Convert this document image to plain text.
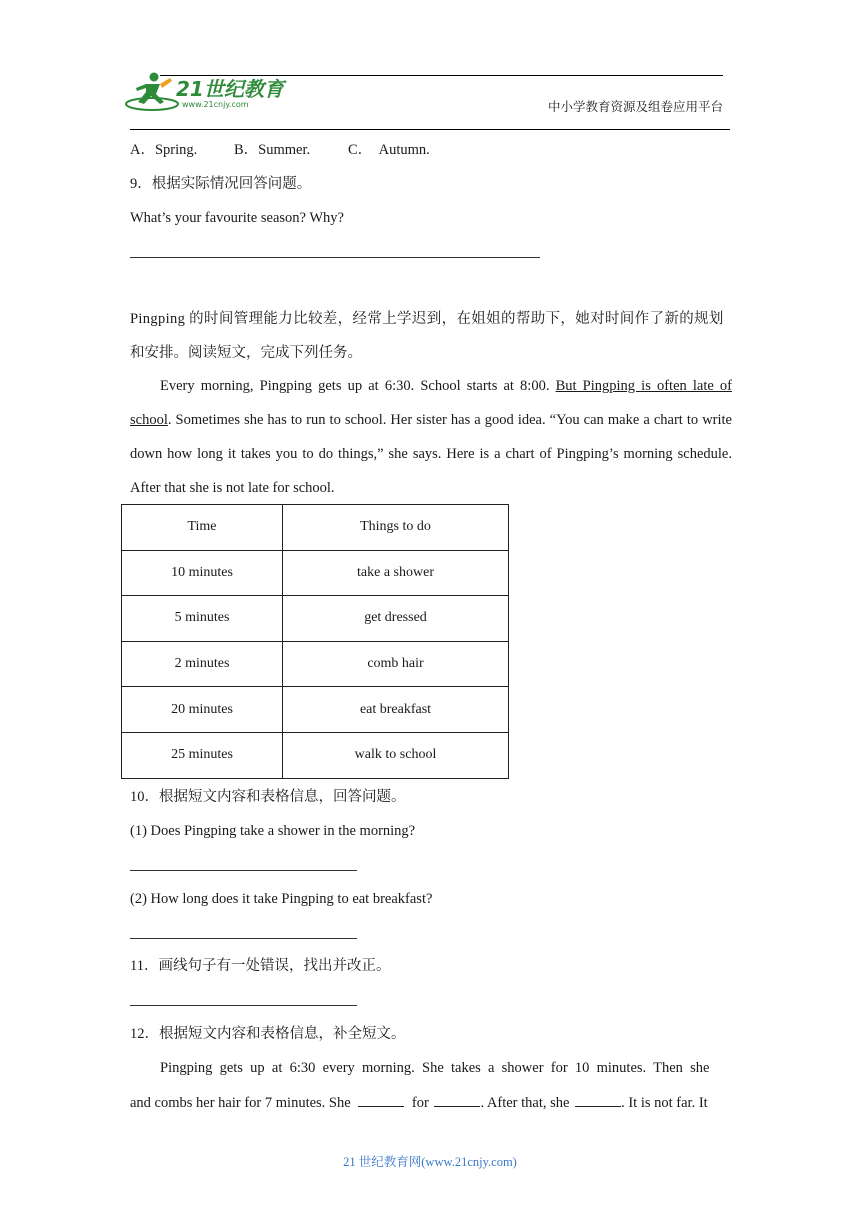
21世纪教育
www.21cnjy.com	中小学教育资源及组卷应用平台
A．Spring.	B．Summer.	C．  Autumn.
9．根据实际情况回答问题。
What’s your favourite season? Why?
Pingping 的时间管理能力比较差，经常上学迟到，在姐姐的帮助下，她对时间作了新的规划
和安排。阅读短文，完成下列任务。
Every morning, Pingping gets up at 6:30. School starts at 8:00. But Pingping is often late of school. Sometimes she has to run to school. Her sister has a good idea. “You can make a chart to write down how long it takes you to do things,” she says. Here is a chart of Pingping’s morning schedule. After that she is not late for school.
Time	Things to do
10 minutes	take a shower
5 minutes	get dressed
2 minutes	comb hair
20 minutes	eat breakfast
25 minutes	walk to school
10．根据短文内容和表格信息，回答问题。
(1) Does Pingping take a shower in the morning?
(2) How long does it take Pingping to eat breakfast?
11．画线句子有一处错误，找出并改正。
12．根据短文内容和表格信息，补全短文。
Pingping gets up at 6:30 every morning. She takes a shower for 10 minutes. Then she
and combs her hair for 7 minutes. She	for	. After that, she	. It is not far. It
21 世纪教育网(www.21cnjy.com)
